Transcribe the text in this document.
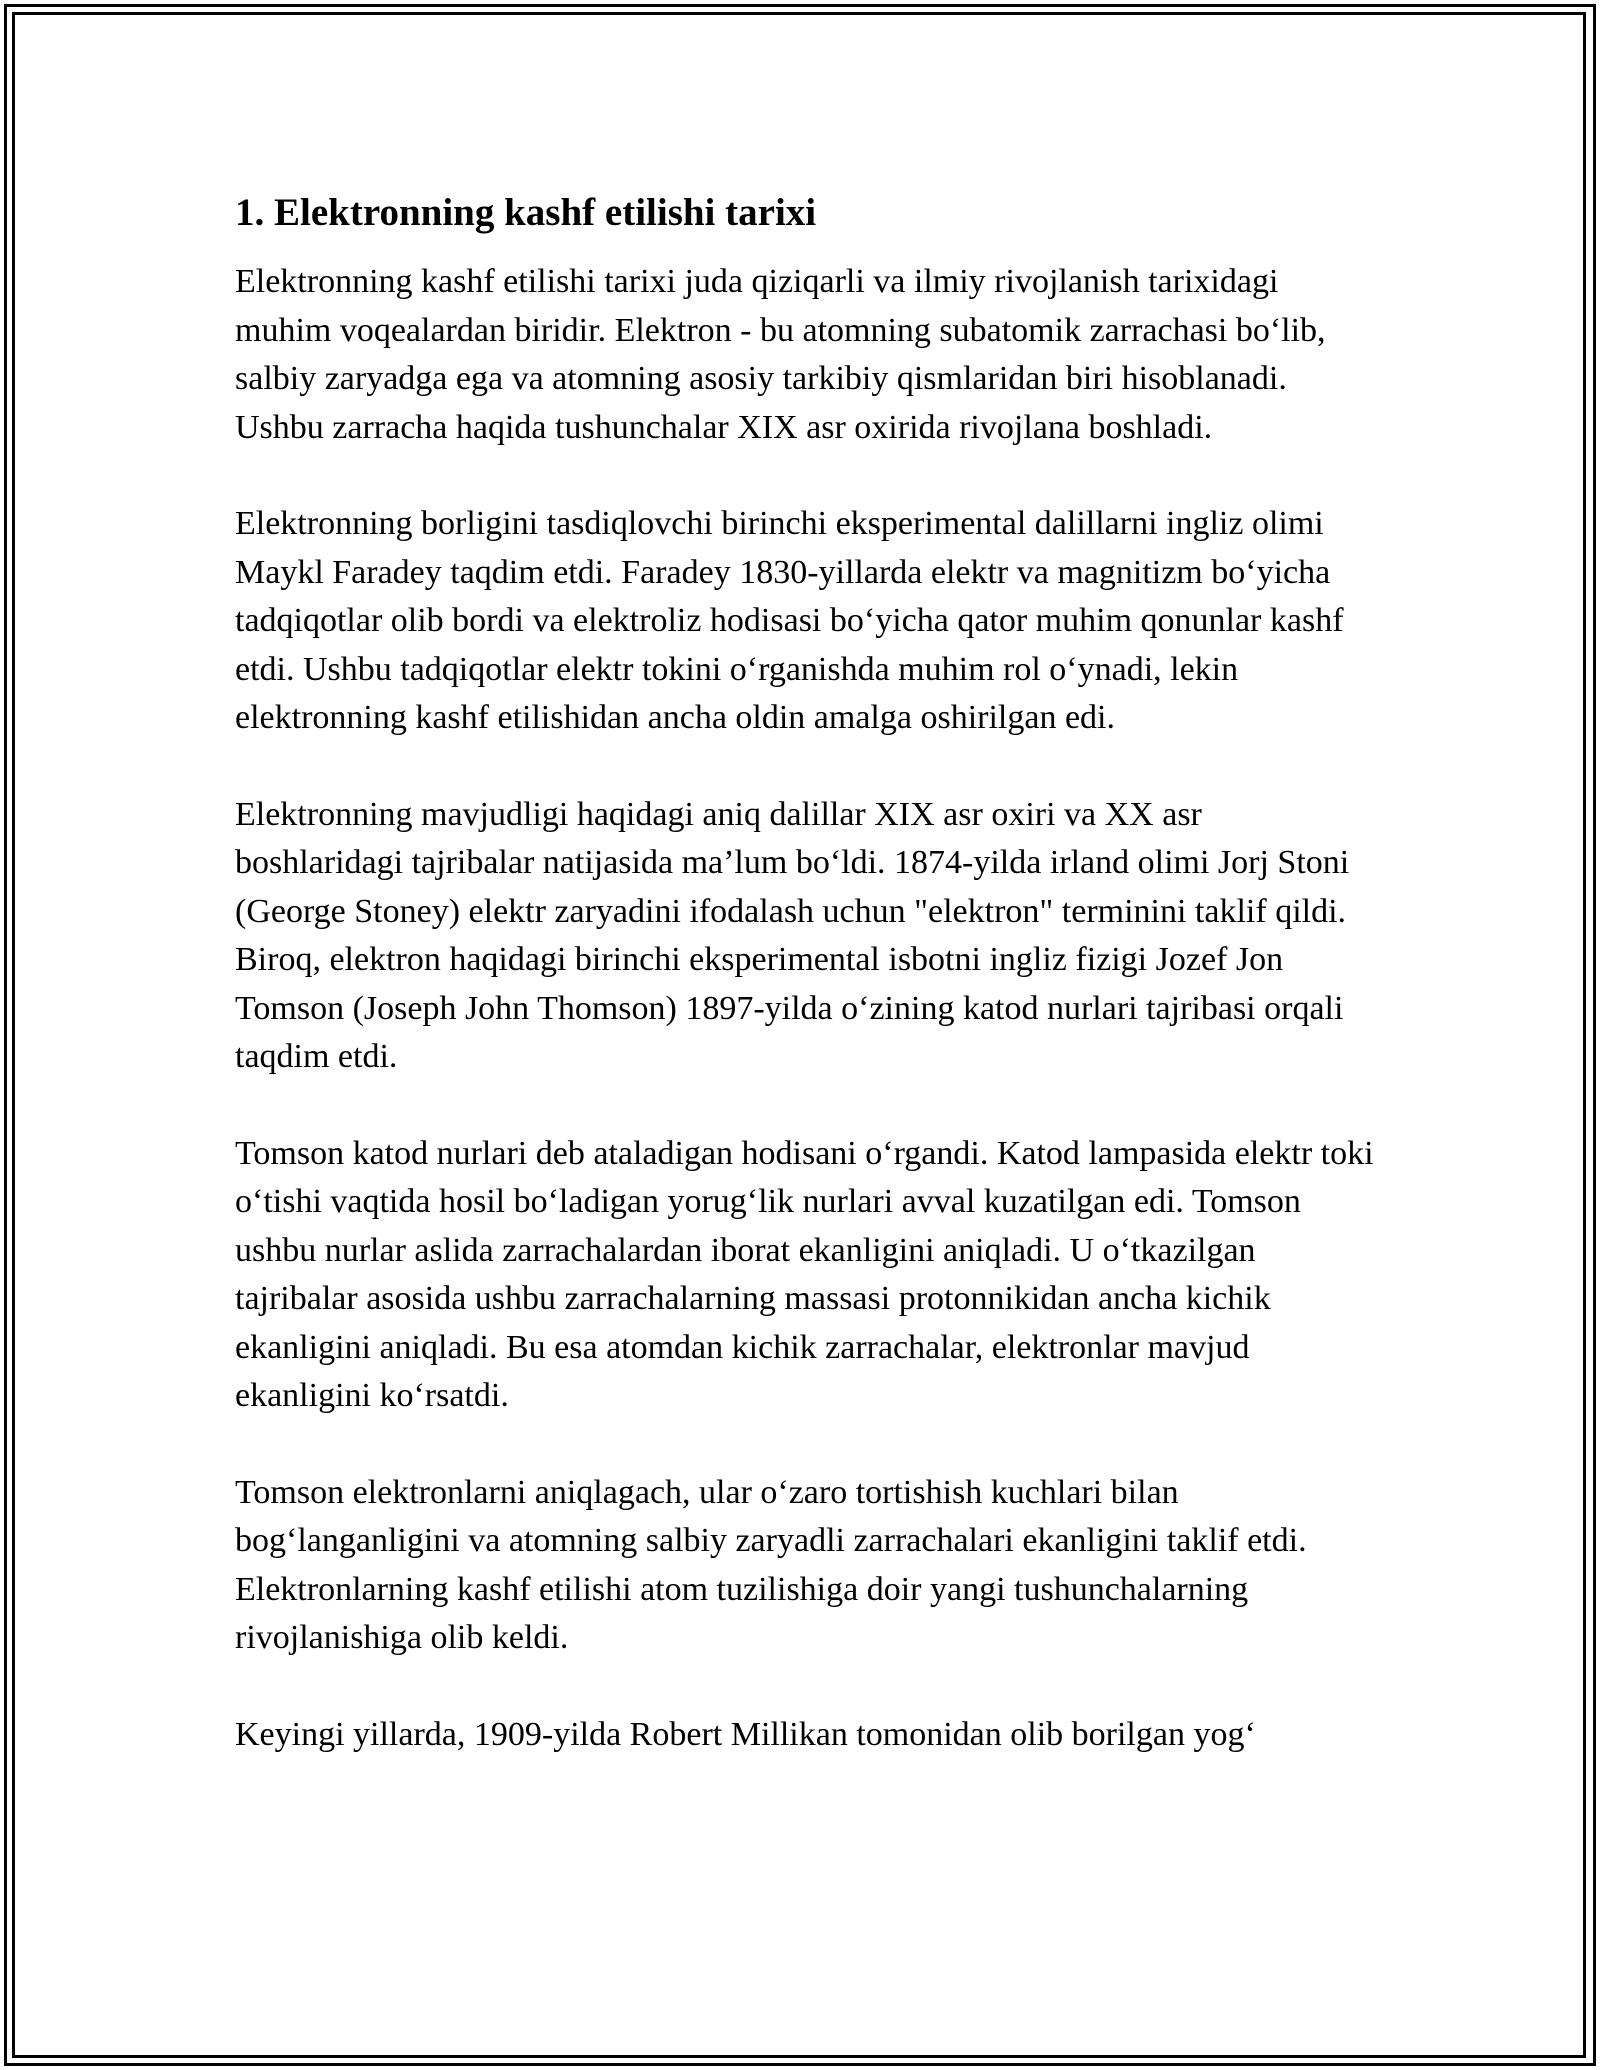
1. Elektronning kashf etilishi tarixi

Elektronning kashf etilishi tarixi juda qiziqarli va ilmiy rivojlanish tarixidagi muhim voqealardan biridir. Elektron - bu atomning subatomik zarrachasi bo‘lib, salbiy zaryadga ega va atomning asosiy tarkibiy qismlaridan biri hisoblanadi. Ushbu zarracha haqida tushunchalar XIX asr oxirida rivojlana boshladi.

Elektronning borligini tasdiqlovchi birinchi eksperimental dalillarni ingliz olimi Maykl Faradey taqdim etdi. Faradey 1830-yillarda elektr va magnitizm bo‘yicha tadqiqotlar olib bordi va elektroliz hodisasi bo‘yicha qator muhim qonunlar kashf etdi. Ushbu tadqiqotlar elektr tokini o‘rganishda muhim rol o‘ynadi, lekin elektronning kashf etilishidan ancha oldin amalga oshirilgan edi.

Elektronning mavjudligi haqidagi aniq dalillar XIX asr oxiri va XX asr boshlaridagi tajribalar natijasida ma’lum bo‘ldi. 1874-yilda irland olimi Jorj Stoni (George Stoney) elektr zaryadini ifodalash uchun "elektron" terminini taklif qildi. Biroq, elektron haqidagi birinchi eksperimental isbotni ingliz fizigi Jozef Jon Tomson (Joseph John Thomson) 1897-yilda o‘zining katod nurlari tajribasi orqali taqdim etdi.

Tomson katod nurlari deb ataladigan hodisani o‘rgandi. Katod lampasida elektr toki o‘tishi vaqtida hosil bo‘ladigan yorug‘lik nurlari avval kuzatilgan edi. Tomson ushbu nurlar aslida zarrachalardan iborat ekanligini aniqladi. U o‘tkazilgan tajribalar asosida ushbu zarrachalarning massasi protonnikidan ancha kichik ekanligini aniqladi. Bu esa atomdan kichik zarrachalar, elektronlar mavjud ekanligini ko‘rsatdi.

Tomson elektronlarni aniqlagach, ular o‘zaro tortishish kuchlari bilan bog‘langanligini va atomning salbiy zaryadli zarrachalari ekanligini taklif etdi. Elektronlarning kashf etilishi atom tuzilishiga doir yangi tushunchalarning rivojlanishiga olib keldi.

Keyingi yillarda, 1909-yilda Robert Millikan tomonidan olib borilgan yog‘
